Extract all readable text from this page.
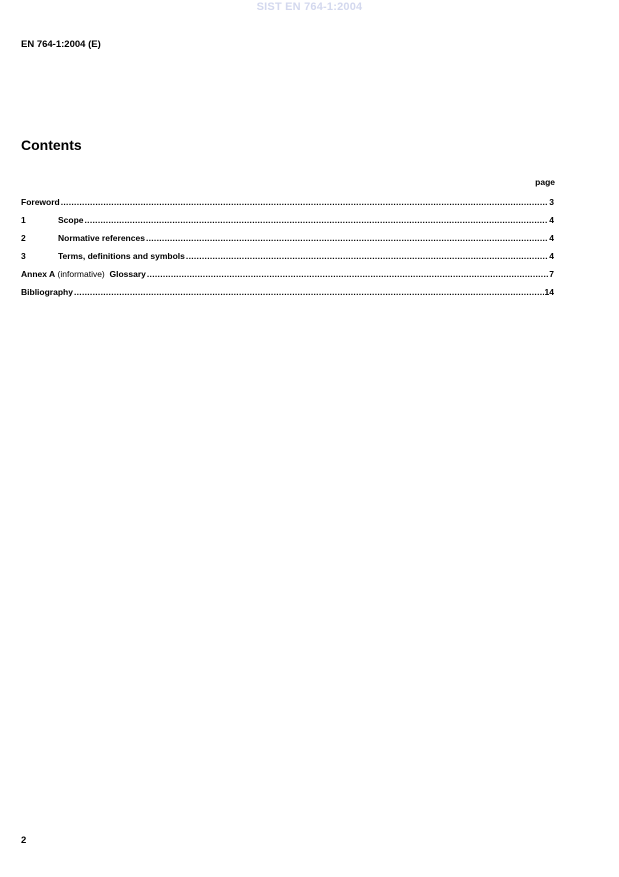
SIST EN 764-1:2004
EN 764-1:2004 (E)
Contents
page
Foreword .....	3
1	Scope .....	4
2	Normative references .....	4
3	Terms, definitions and symbols .....	4
Annex A (informative)  Glossary .....	7
Bibliography .....	14
2
